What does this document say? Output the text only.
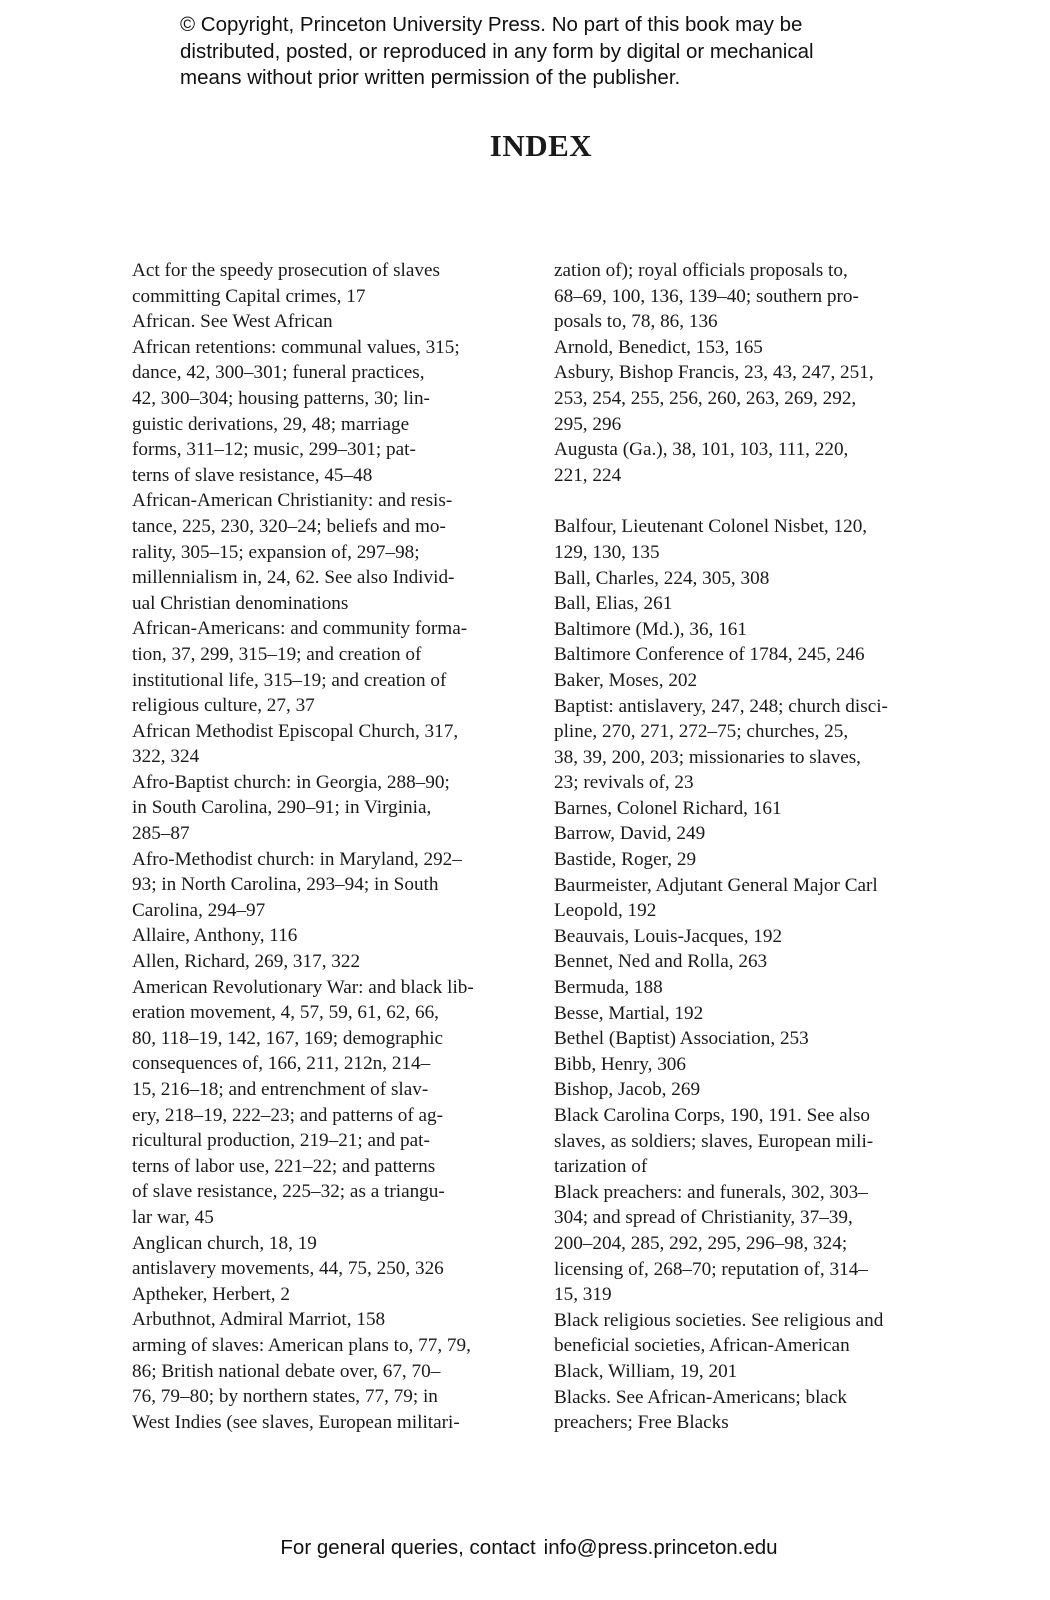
© Copyright, Princeton University Press. No part of this book may be
distributed, posted, or reproduced in any form by digital or mechanical
means without prior written permission of the publisher.
INDEX
Act for the speedy prosecution of slaves
committing Capital crimes, 17
African. See West African
African retentions: communal values, 315;
dance, 42, 300–301; funeral practices,
42, 300–304; housing patterns, 30; lin-
guistic derivations, 29, 48; marriage
forms, 311–12; music, 299–301; pat-
terns of slave resistance, 45–48
African-American Christianity: and resis-
tance, 225, 230, 320–24; beliefs and mo-
rality, 305–15; expansion of, 297–98;
millennialism in, 24, 62. See also Individ-
ual Christian denominations
African-Americans: and community forma-
tion, 37, 299, 315–19; and creation of
institutional life, 315–19; and creation of
religious culture, 27, 37
African Methodist Episcopal Church, 317,
322, 324
Afro-Baptist church: in Georgia, 288–90;
in South Carolina, 290–91; in Virginia,
285–87
Afro-Methodist church: in Maryland, 292–
93; in North Carolina, 293–94; in South
Carolina, 294–97
Allaire, Anthony, 116
Allen, Richard, 269, 317, 322
American Revolutionary War: and black lib-
eration movement, 4, 57, 59, 61, 62, 66,
80, 118–19, 142, 167, 169; demographic
consequences of, 166, 211, 212n, 214–
15, 216–18; and entrenchment of slav-
ery, 218–19, 222–23; and patterns of ag-
ricultural production, 219–21; and pat-
terns of labor use, 221–22; and patterns
of slave resistance, 225–32; as a triangu-
lar war, 45
Anglican church, 18, 19
antislavery movements, 44, 75, 250, 326
Aptheker, Herbert, 2
Arbuthnot, Admiral Marriot, 158
arming of slaves: American plans to, 77, 79,
86; British national debate over, 67, 70–
76, 79–80; by northern states, 77, 79; in
West Indies (see slaves, European militari-
zation of); royal officials proposals to,
68–69, 100, 136, 139–40; southern pro-
posals to, 78, 86, 136
Arnold, Benedict, 153, 165
Asbury, Bishop Francis, 23, 43, 247, 251,
253, 254, 255, 256, 260, 263, 269, 292,
295, 296
Augusta (Ga.), 38, 101, 103, 111, 220,
221, 224
Balfour, Lieutenant Colonel Nisbet, 120,
129, 130, 135
Ball, Charles, 224, 305, 308
Ball, Elias, 261
Baltimore (Md.), 36, 161
Baltimore Conference of 1784, 245, 246
Baker, Moses, 202
Baptist: antislavery, 247, 248; church disci-
pline, 270, 271, 272–75; churches, 25,
38, 39, 200, 203; missionaries to slaves,
23; revivals of, 23
Barnes, Colonel Richard, 161
Barrow, David, 249
Bastide, Roger, 29
Baurmeister, Adjutant General Major Carl
Leopold, 192
Beauvais, Louis-Jacques, 192
Bennet, Ned and Rolla, 263
Bermuda, 188
Besse, Martial, 192
Bethel (Baptist) Association, 253
Bibb, Henry, 306
Bishop, Jacob, 269
Black Carolina Corps, 190, 191. See also
slaves, as soldiers; slaves, European mili-
tarization of
Black preachers: and funerals, 302, 303–
304; and spread of Christianity, 37–39,
200–204, 285, 292, 295, 296–98, 324;
licensing of, 268–70; reputation of, 314–
15, 319
Black religious societies. See religious and
beneficial societies, African-American
Black, William, 19, 201
Blacks. See African-Americans; black
preachers; Free Blacks
For general queries, contact info@press.princeton.edu
